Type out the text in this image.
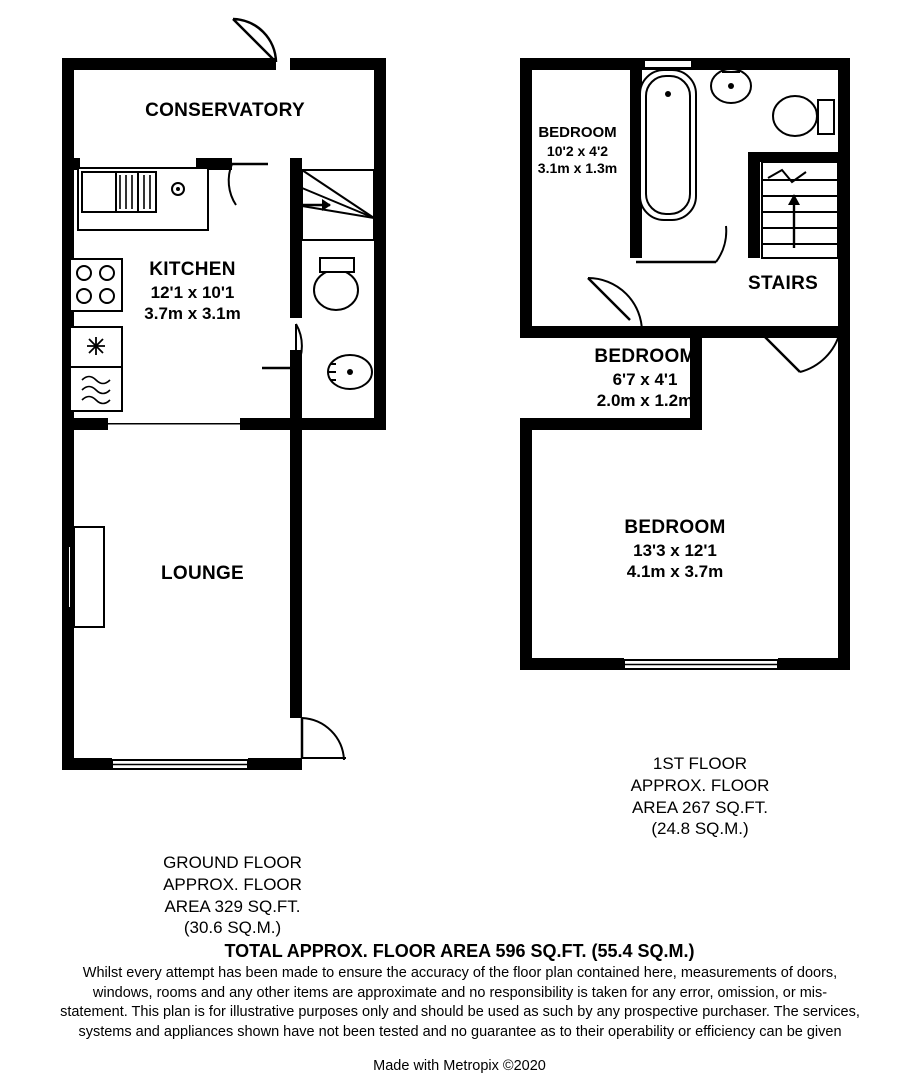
CONSERVATORY
KITCHEN
12'1 x 10'1
3.7m x 3.1m
LOUNGE
BEDROOM
10'2 x 4'2
3.1m x 1.3m
STAIRS
BEDROOM
6'7 x 4'1
2.0m x 1.2m
BEDROOM
13'3 x 12'1
4.1m x 3.7m
1ST FLOOR
APPROX. FLOOR
AREA 267 SQ.FT.
(24.8 SQ.M.)
GROUND FLOOR
APPROX. FLOOR
AREA 329 SQ.FT.
(30.6 SQ.M.)
TOTAL APPROX. FLOOR AREA 596 SQ.FT. (55.4 SQ.M.)
Whilst every attempt has been made to ensure the accuracy of the floor plan contained here, measurements of doors, windows, rooms and any other items are approximate and no responsibility is taken for any error, omission, or mis-statement. This plan is for illustrative purposes only and should be used as such by any prospective purchaser. The services, systems and appliances shown have not been tested and no guarantee as to their operability or efficiency can be given
Made with Metropix ©2020
